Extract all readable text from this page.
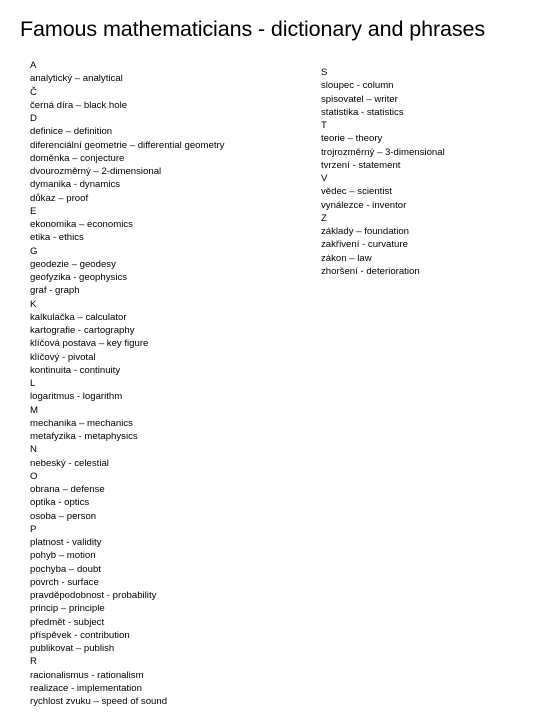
Famous mathematicians - dictionary and phrases
A
analytický – analytical
Č
černá díra – black hole
D
definice – definition
diferenciální geometrie – differential geometry
doměnka – conjecture
dvourozměrný – 2-dimensional
dymanika - dynamics
důkaz – proof
E
ekonomika – economics
etika - ethics
G
geodezie – geodesy
geofyzika - geophysics
graf - graph
K
kalkulačka – calculator
kartografie - cartography
klíčová postava – key figure
klíčový - pivotal
kontinuita - continuity
L
logaritmus - logarithm
M
mechanika – mechanics
metafyzika - metaphysics
N
nebeský - celestial
O
obrana – defense
optika - optics
osoba – person
P
platnost - validity
pohyb – motion
pochyba – doubt
povrch - surface
pravděpodobnost - probability
princip – principle
předmět - subject
příspěvek - contribution
publikovat – publish
R
racionalismus - rationalism
realizace - implementation
rychlost zvuku – speed of sound
S
sloupec - column
spisovatel – writer
statistika - statistics
T
teorie – theory
trojrozměrný – 3-dimensional
tvrzení - statement
V
vědec – scientist
vynálezce - inventor
Z
základy – foundation
zakřivení - curvature
zákon – law
zhoršení - deterioration
